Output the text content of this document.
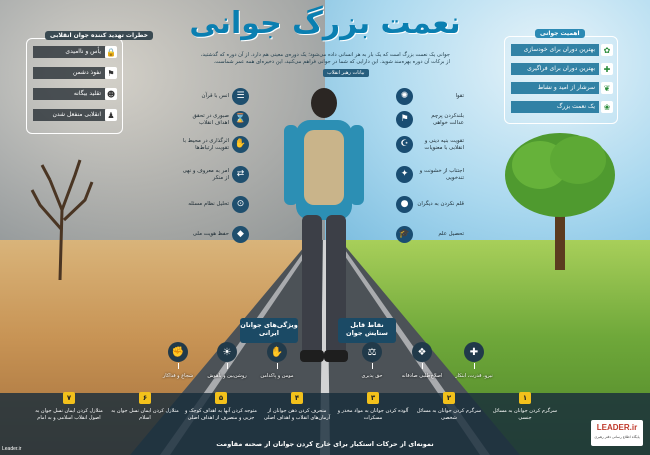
نعمت بزرگ جوانی
جوانی یک نعمت بزرگ است که یک بار به هر انسانی داده می‌شود؛ یک دوره‌ی معینی هم دارد. از آن دوره که گذشتید، از برکات آن دوره بهره‌مند شوید. این دارایی که شما در جوانی فراهم می‌کنید، این ذخیره‌ای همه عمر شماست.
بیانات رهبر انقلاب
خطرات تهدید کننده جوان انقلابی
یأس و ناامیدی 🔒
نفوذ دشمن ⚑
تقلید بیگانه ☻
انقلابی منفعل شدن ♟
اهمیت جوانی
بهترین دوران برای خودسازی	✿
بهترین دوران برای فراگیری	✚
سرشار از امید و نشاط	❦
یک نعمت بزرگ	❀
☰
انس با قرآن
⌛
صبوری در تحقق اهداف انقلاب
✋
اثرگذاری در محیط با تقویت ارتباط‌ها
⇄
امر به معروف و نهی از منکر
⊙
تحلیل نظام مسئله
◆
حفظ هویت ملی
تقوا
✺
بلندکردن پرچم عدالت خواهی
⚑
تقویت بنیه دینی و انقلابی با معنویات
☪
اجتناب از خشونت و تندخویی
✦
قلم نکردن به دیگران
●
تحصیل علم
🎓
ویژگی‌های جوانان ایرانی
نقاط قابل ستایش جوان
✊
شجاع و فداکار
☀
روشن‌بین و باهوش
✋
مومن و پاکدامن
⚖
حق پذیری
❖
اصلاح‌طلبی صادقانه
✚
نیرو، قدرت، ابتکار
۷
متلازل کردن ایمان نسل جوان به اصول انقلاب اسلامی و به امام
۶
متلازل کردن ایمان نسل جوان به اسلام
۵
متوجه کردن آنها به اهداف کوچک و جزیی و منصرف از اهداف اصلی
۴
منحرف کردن ذهن جوانان از آرمان‌های انقلاب و اهداف اصلی
۳
آلوده کردن جوانان به مواد مخدر و مسکرات
۲
سرگرم کردن جوانان به مسائل شخصی
۱
سرگرم کردن جوانان به مسائل جنسی
نمونه‌ای از حرکات استکبار برای خارج کردن جوانان از صحنه مقاومت
LEADER.ir
پایگاه اطلاع رسانی دفتر رهبری
Leader.ir
